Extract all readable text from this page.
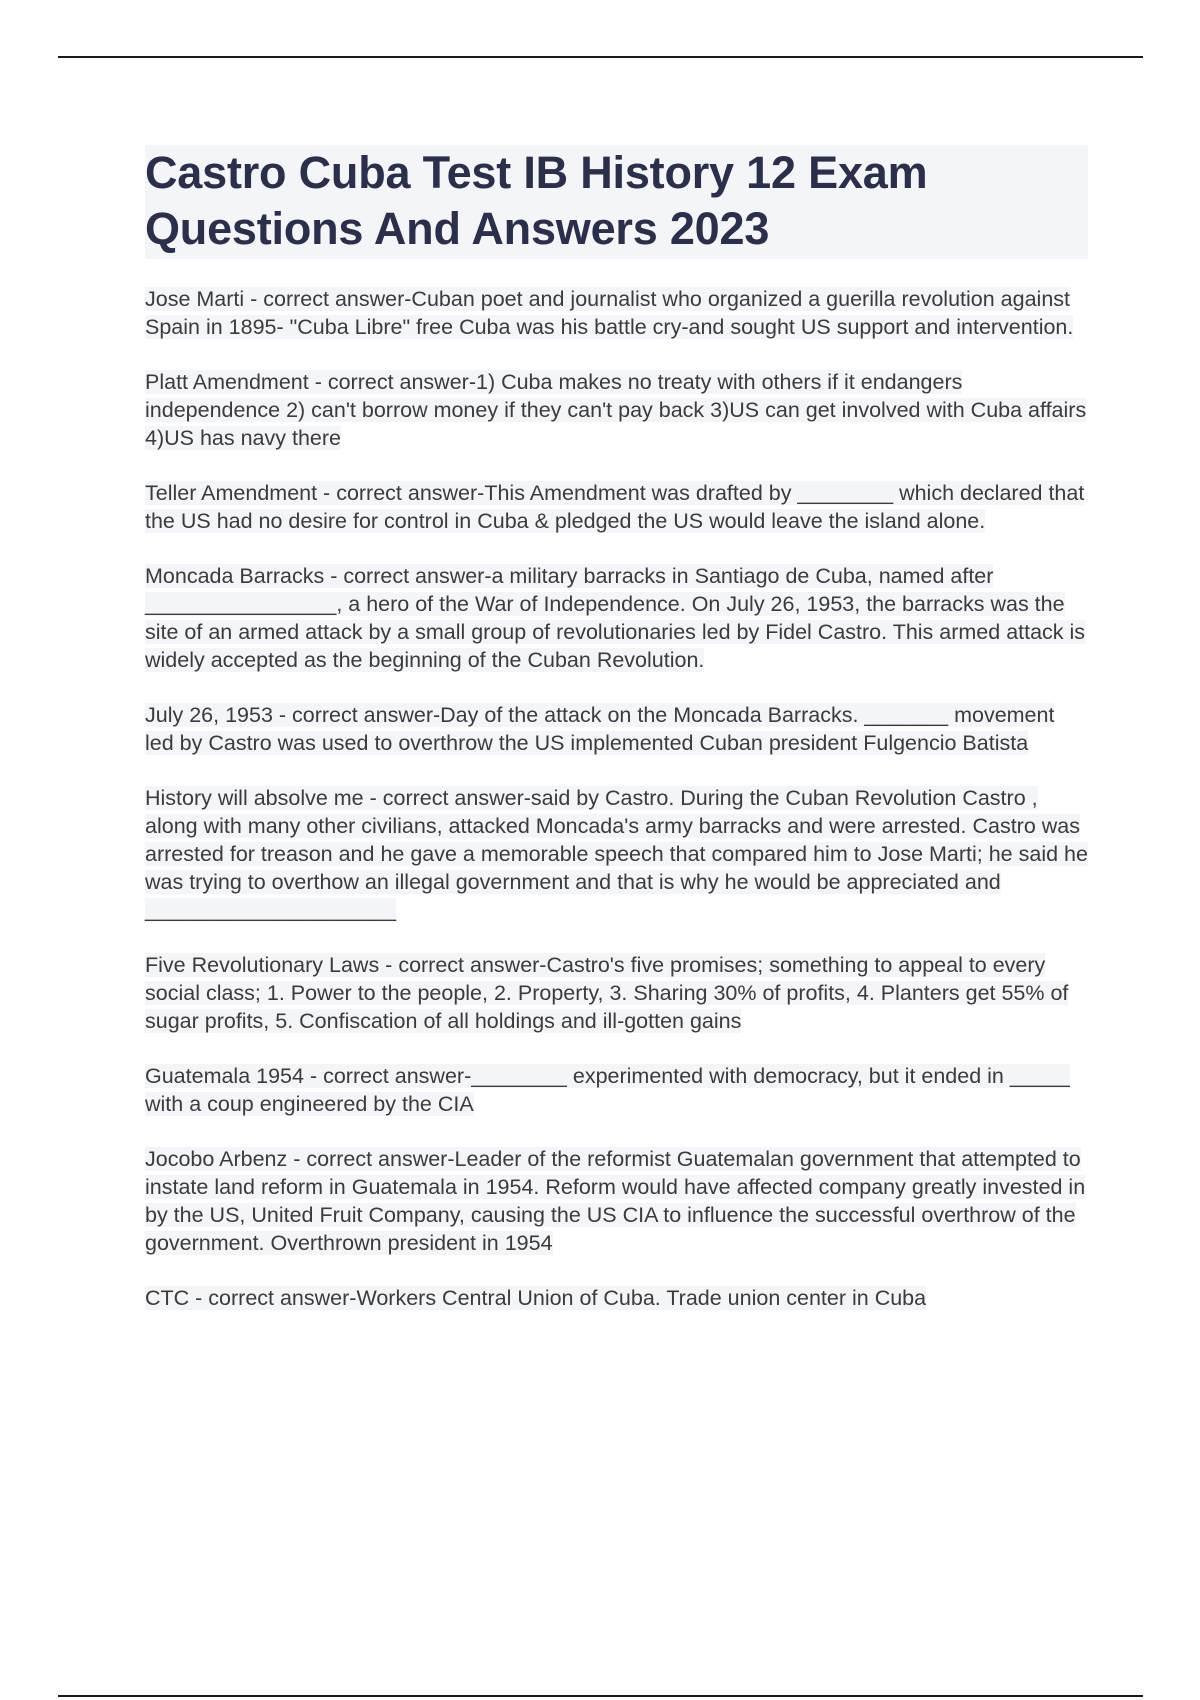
Castro Cuba Test IB History 12 Exam Questions And Answers 2023

Jose Marti - correct answer-Cuban poet and journalist who organized a guerilla revolution against Spain in 1895- "Cuba Libre" free Cuba was his battle cry-and sought US support and intervention.

Platt Amendment - correct answer-1) Cuba makes no treaty with others if it endangers independence 2) can't borrow money if they can't pay back 3)US can get involved with Cuba affairs 4)US has navy there

Teller Amendment - correct answer-This Amendment was drafted by ________ which declared that the US had no desire for control in Cuba & pledged the US would leave the island alone.

Moncada Barracks - correct answer-a military barracks in Santiago de Cuba, named after ________________, a hero of the War of Independence. On July 26, 1953, the barracks was the site of an armed attack by a small group of revolutionaries led by Fidel Castro. This armed attack is widely accepted as the beginning of the Cuban Revolution.

July 26, 1953 - correct answer-Day of the attack on the Moncada Barracks. _______ movement led by Castro was used to overthrow the US implemented Cuban president Fulgencio Batista

History will absolve me - correct answer-said by Castro. During the Cuban Revolution Castro , along with many other civilians, attacked Moncada's army barracks and were arrested. Castro was arrested for treason and he gave a memorable speech that compared him to Jose Marti; he said he was trying to overthow an illegal government and that is why he would be appreciated and _____________________

Five Revolutionary Laws - correct answer-Castro's five promises; something to appeal to every social class; 1. Power to the people, 2. Property, 3. Sharing 30% of profits, 4. Planters get 55% of sugar profits, 5. Confiscation of all holdings and ill-gotten gains

Guatemala 1954 - correct answer-________ experimented with democracy, but it ended in _____ with a coup engineered by the CIA

Jocobo Arbenz - correct answer-Leader of the reformist Guatemalan government that attempted to instate land reform in Guatemala in 1954. Reform would have affected company greatly invested in by the US, United Fruit Company, causing the US CIA to influence the successful overthrow of the government. Overthrown president in 1954

CTC - correct answer-Workers Central Union of Cuba. Trade union center in Cuba
